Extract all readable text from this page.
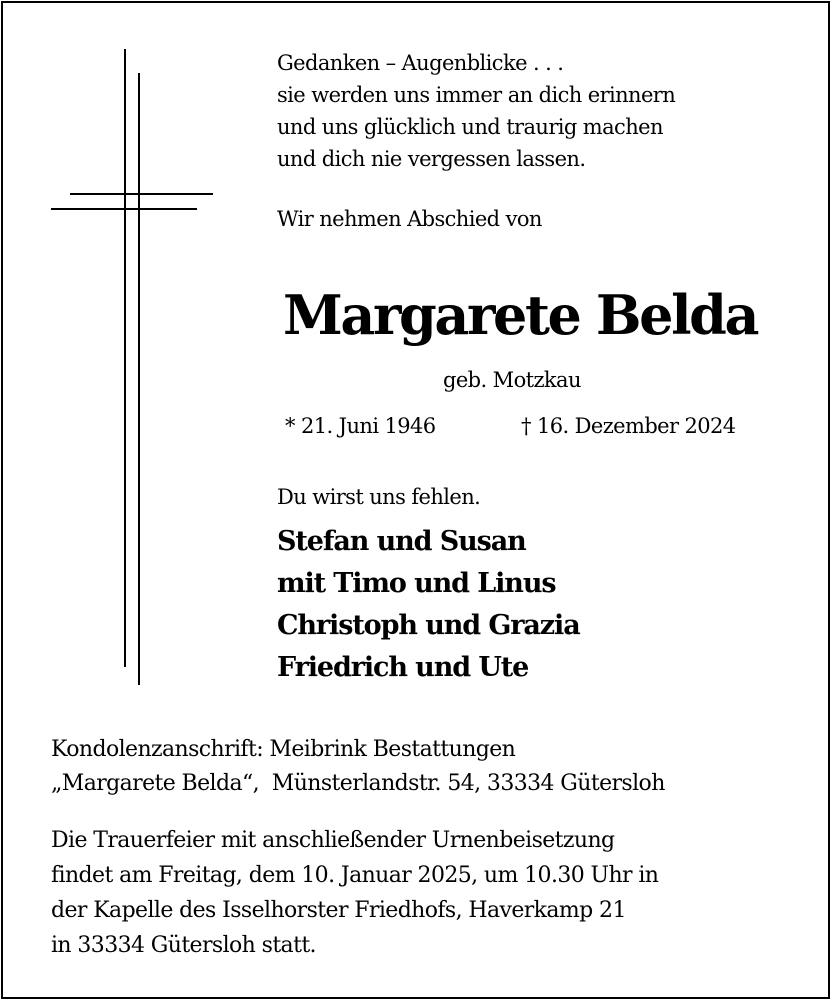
Gedanken – Augenblicke . . .
sie werden uns immer an dich erinnern
und uns glücklich und traurig machen
und dich nie vergessen lassen.
Wir nehmen Abschied von
Margarete Belda
geb. Motzkau
* 21. Juni 1946	† 16. Dezember 2024
Du wirst uns fehlen.
Stefan und Susan
mit Timo und Linus
Christoph und Grazia
Friedrich und Ute
Kondolenzanschrift: Meibrink Bestattungen
„Margarete Belda“,  Münsterlandstr. 54, 33334 Gütersloh
Die Trauerfeier mit anschließender Urnenbeisetzung
findet am Freitag, dem 10. Januar 2025, um 10.30 Uhr in
der Kapelle des Isselhorster Friedhofs, Haverkamp 21
in 33334 Gütersloh statt.
